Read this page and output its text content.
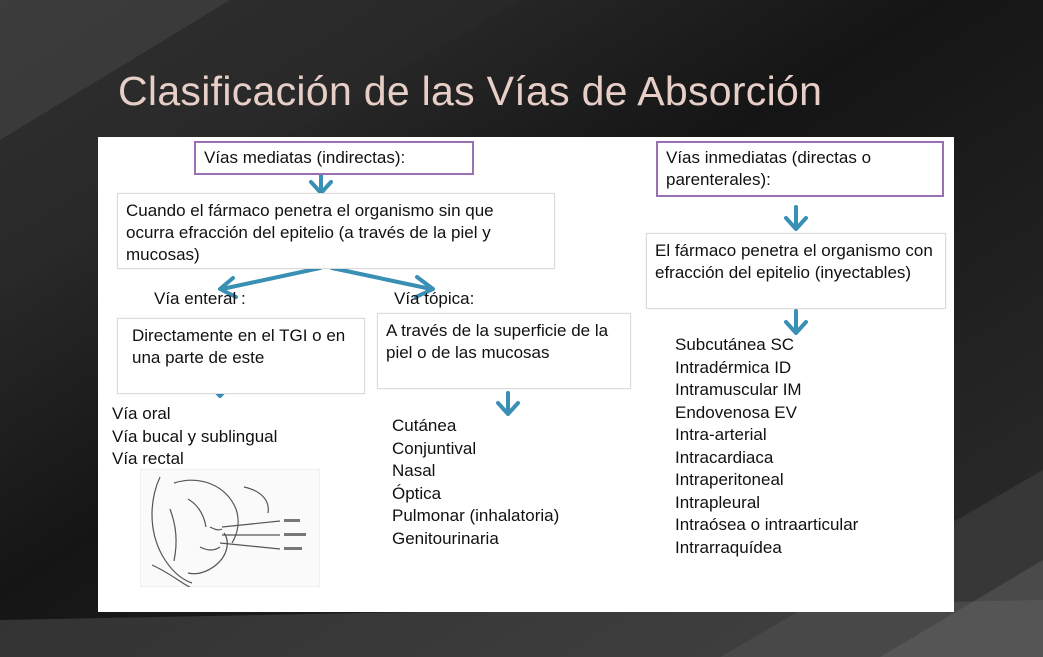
Clasificación de las Vías de Absorción
Vías mediatas (indirectas):
Cuando el fármaco penetra el organismo sin que ocurra efracción del epitelio (a través de la piel y mucosas)
Vía enteral :	Vía tópica:
Directamente en el TGI o en una parte de este
A través de la superficie de la piel o de las mucosas
Vía oral
Vía bucal y sublingual
Vía rectal
Cutánea
Conjuntival
Nasal
Óptica
Pulmonar (inhalatoria)
Genitourinaria
Vías inmediatas (directas o parenterales):
El fármaco penetra el organismo con efracción del epitelio (inyectables)
Subcutánea SC
Intradérmica ID
Intramuscular IM
Endovenosa EV
Intra-arterial
Intracardiaca
Intraperitoneal
Intrapleural
Intraósea o intraarticular
Intrarraquídea
